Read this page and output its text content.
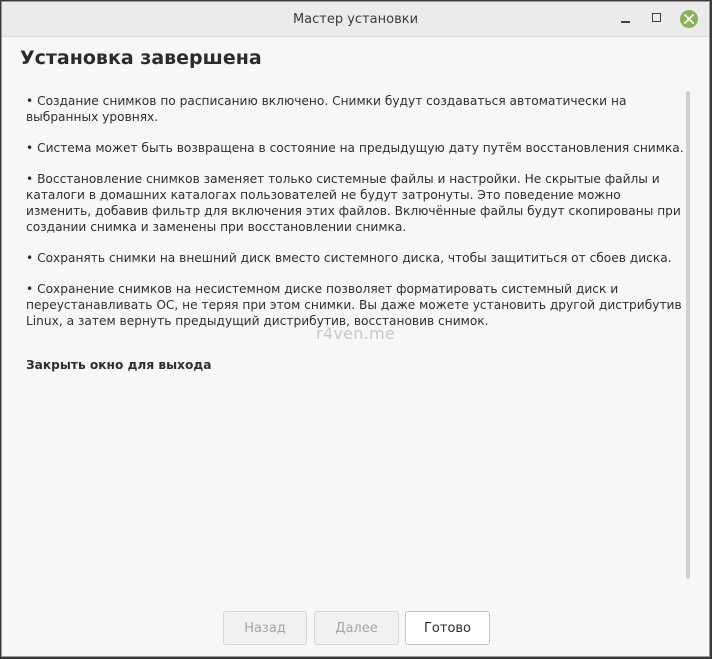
Мастер установки
Установка завершена

• Создание снимков по расписанию включено. Снимки будут создаваться автоматически на выбранных уровнях.

• Система может быть возвращена в состояние на предыдущую дату путём восстановления снимка.

• Восстановление снимков заменяет только системные файлы и настройки. Не скрытые файлы и каталоги в домашних каталогах пользователей не будут затронуты. Это поведение можно изменить, добавив фильтр для включения этих файлов. Включённые файлы будут скопированы при создании снимка и заменены при восстановлении снимка.

• Сохранять снимки на внешний диск вместо системного диска, чтобы защититься от сбоев диска.

• Сохранение снимков на несистемном диске позволяет форматировать системный диск и переустанавливать ОС, не теряя при этом снимки. Вы даже можете установить другой дистрибутив Linux, а затем вернуть предыдущий дистрибутив, восстановив снимок.

Закрыть окно для выхода
r4ven.me
Назад	Далее	Готово
